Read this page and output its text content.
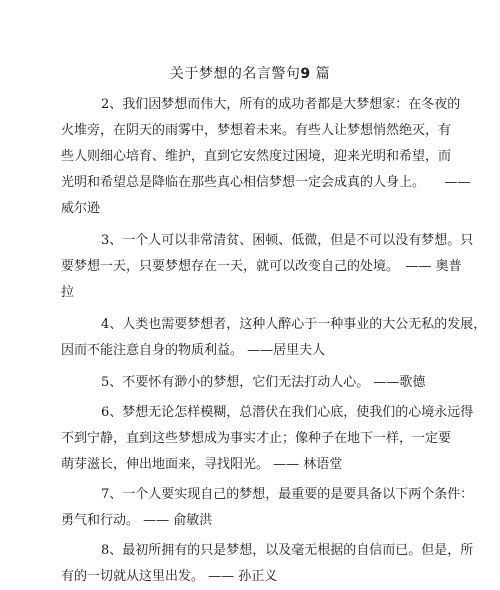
关于梦想的名言警句9 篇

2、我们因梦想而伟大，所有的成功者都是大梦想家：在冬夜的
火堆旁，在阴天的雨雾中，梦想着未来。有些人让梦想悄然绝灭，有
些人则细心培育、维护，直到它安然度过困境，迎来光明和希望，而
光明和希望总是降临在那些真心相信梦想一定会成真的人身上。　　——
威尔逊

3、一个人可以非常清贫、困顿、低微，但是不可以没有梦想。只
要梦想一天，只要梦想存在一天，就可以改变自己的处境。　—— 奥普
拉

4、人类也需要梦想者，这种人醉心于一种事业的大公无私的发展，
因而不能注意自身的物质利益。 ——居里夫人

5、不要怀有渺小的梦想，它们无法打动人心。 ——歌德

6、梦想无论怎样模糊，总潜伏在我们心底，使我们的心境永远得
不到宁静，直到这些梦想成为事实才止；像种子在地下一样，一定要
萌芽滋长，伸出地面来，寻找阳光。 —— 林语堂

7、一个人要实现自己的梦想，最重要的是要具备以下两个条件：
勇气和行动。 —— 俞敏洪

8、最初所拥有的只是梦想，以及毫无根据的自信而已。但是，所
有的一切就从这里出发。 —— 孙正义
